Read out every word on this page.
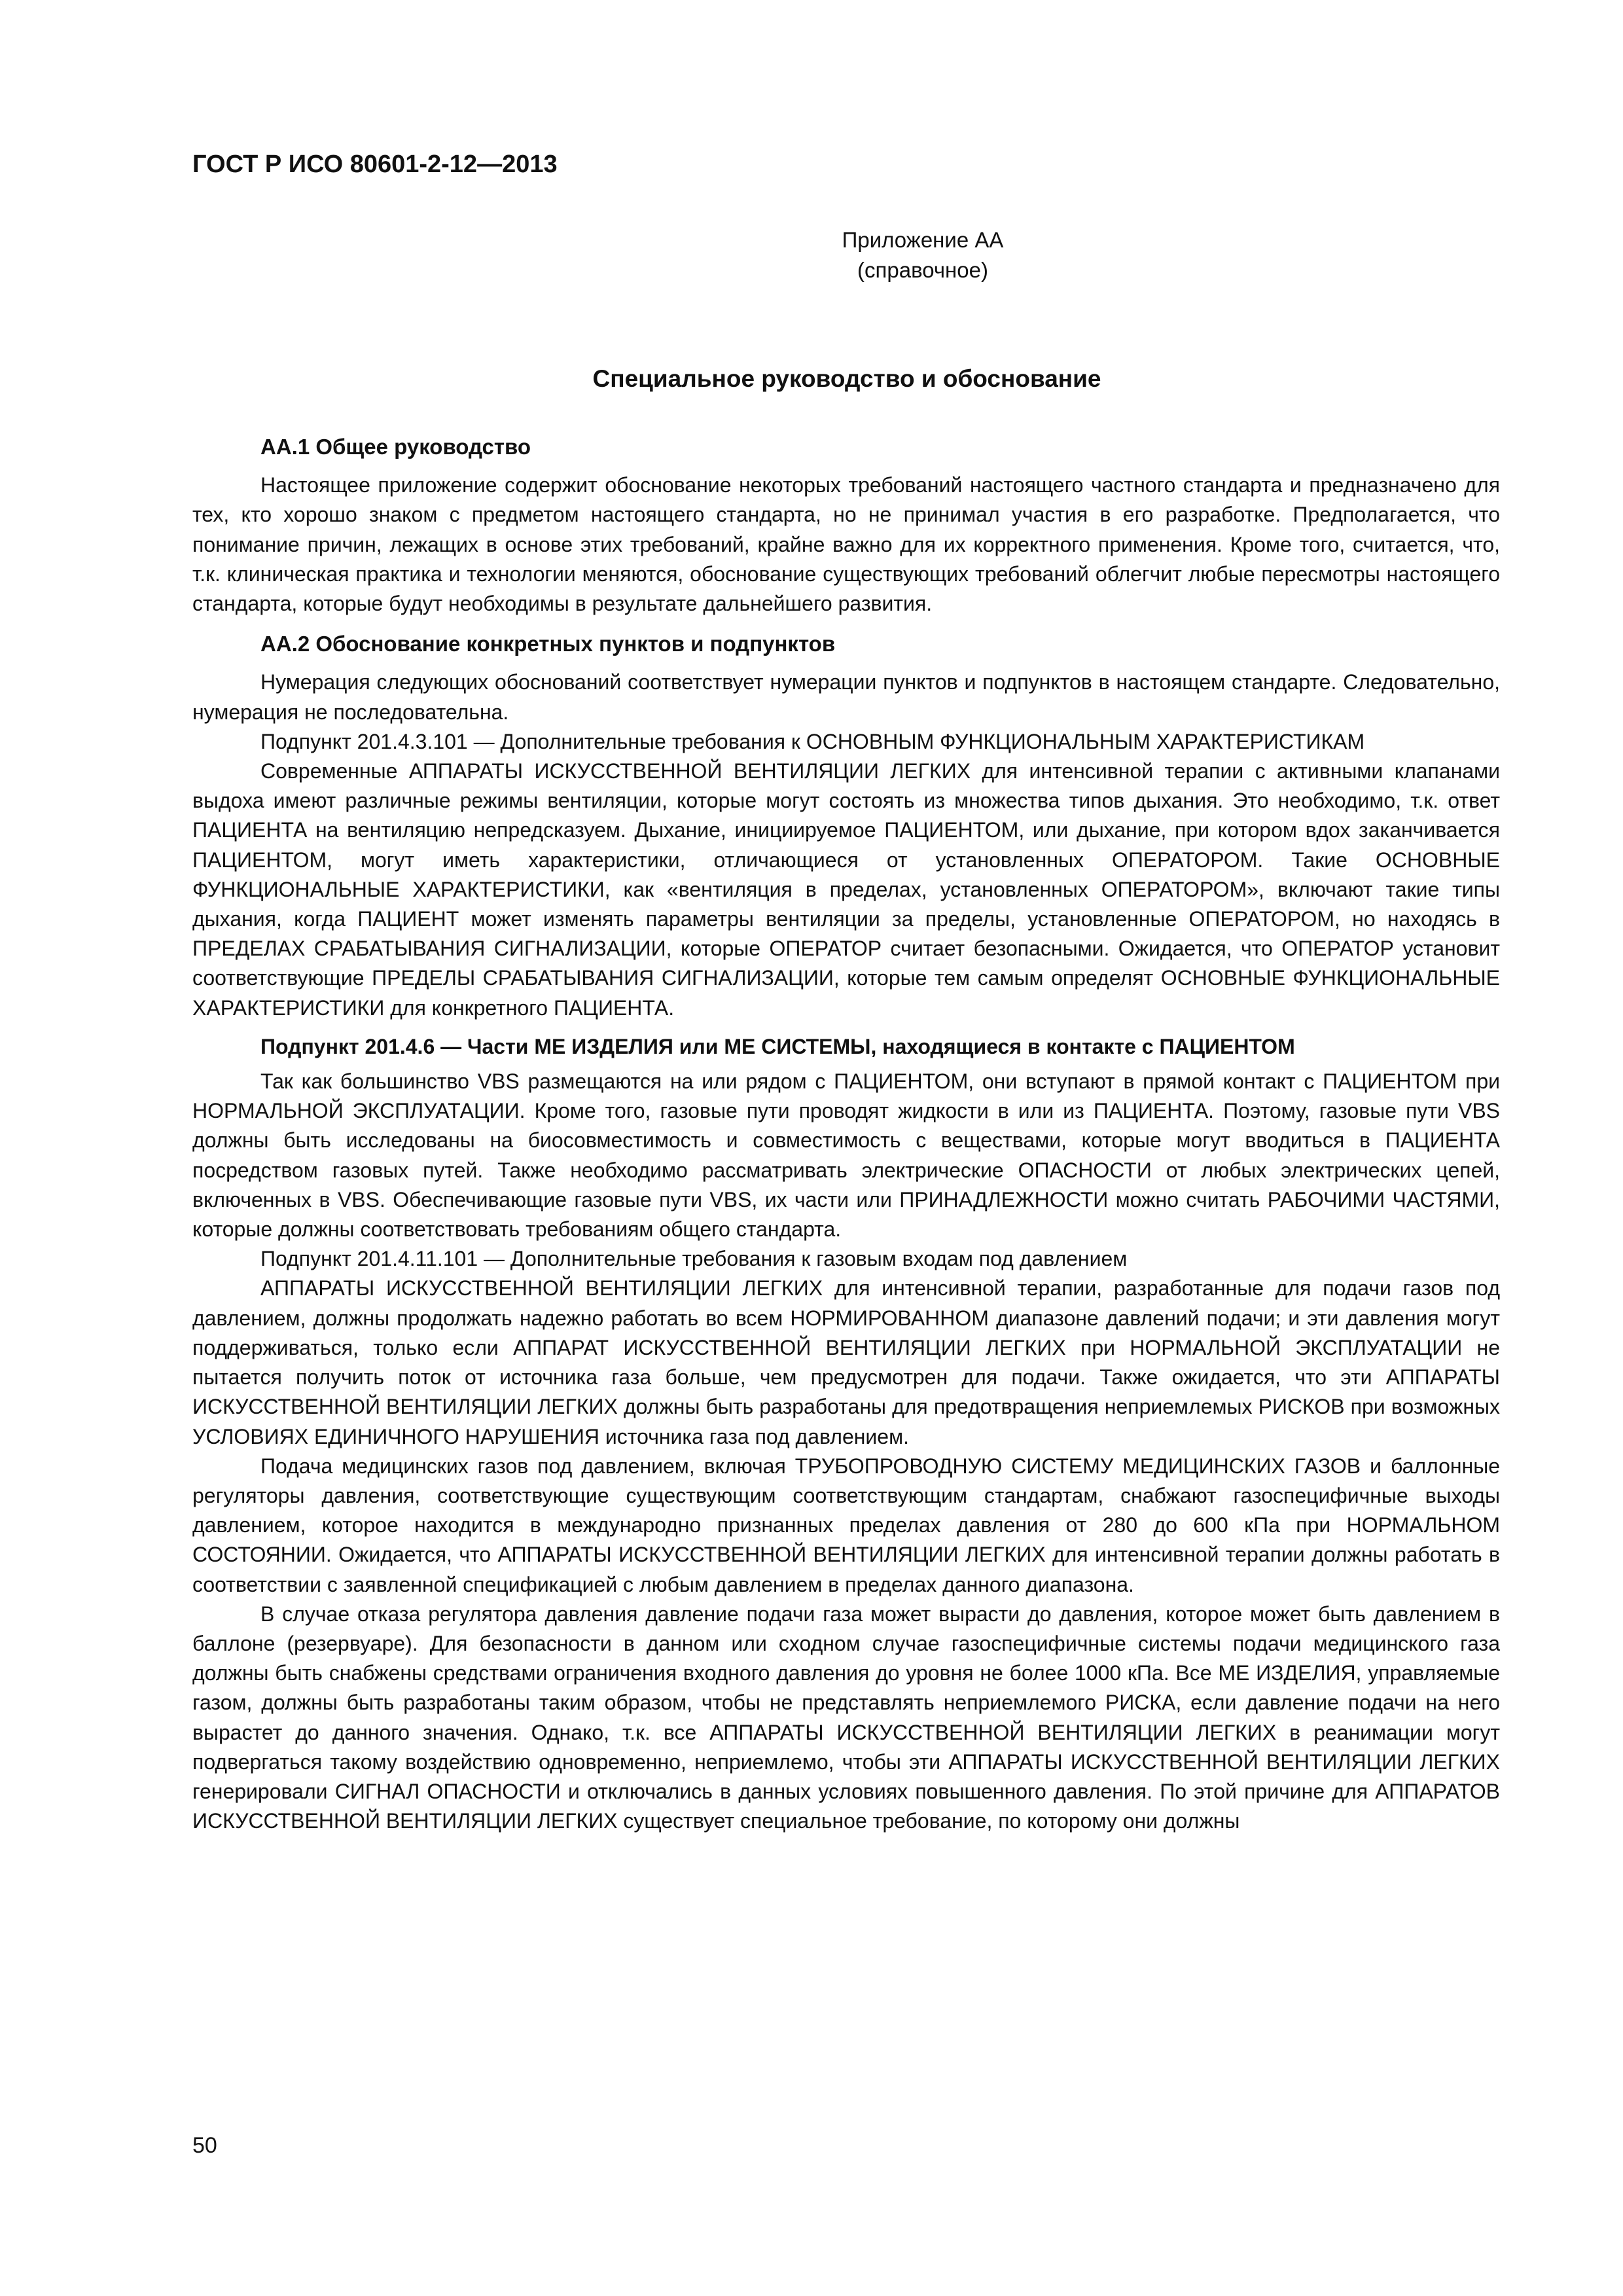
ГОСТ Р ИСО 80601-2-12—2013
Приложение АА
(справочное)
Специальное руководство и обоснование
АА.1 Общее руководство

Настоящее приложение содержит обоснование некоторых требований настоящего частного стандарта и предназначено для тех, кто хорошо знаком с предметом настоящего стандарта, но не принимал участия в его разработке. Предполагается, что понимание причин, лежащих в основе этих требований, крайне важно для их корректного применения. Кроме того, считается, что, т.к. клиническая практика и технологии меняются, обоснование существующих требований облегчит любые пересмотры настоящего стандарта, которые будут необходимы в результате дальнейшего развития.

АА.2 Обоснование конкретных пунктов и подпунктов

Нумерация следующих обоснований соответствует нумерации пунктов и подпунктов в настоящем стандарте. Следовательно, нумерация не последовательна.

Подпункт 201.4.3.101 — Дополнительные требования к ОСНОВНЫМ ФУНКЦИОНАЛЬНЫМ ХАРАКТЕРИСТИКАМ

Современные АППАРАТЫ ИСКУССТВЕННОЙ ВЕНТИЛЯЦИИ ЛЕГКИХ для интенсивной терапии с активными клапанами выдоха имеют различные режимы вентиляции, которые могут состоять из множества типов дыхания. Это необходимо, т.к. ответ ПАЦИЕНТА на вентиляцию непредсказуем. Дыхание, инициируемое ПАЦИЕНТОМ, или дыхание, при котором вдох заканчивается ПАЦИЕНТОМ, могут иметь характеристики, отличающиеся от установленных ОПЕРАТОРОМ. Такие ОСНОВНЫЕ ФУНКЦИОНАЛЬНЫЕ ХАРАКТЕРИСТИКИ, как «вентиляция в пределах, установленных ОПЕРАТОРОМ», включают такие типы дыхания, когда ПАЦИЕНТ может изменять параметры вентиляции за пределы, установленные ОПЕРАТОРОМ, но находясь в ПРЕДЕЛАХ СРАБАТЫВАНИЯ СИГНАЛИЗАЦИИ, которые ОПЕРАТОР считает безопасными. Ожидается, что ОПЕРАТОР установит соответствующие ПРЕДЕЛЫ СРАБАТЫВАНИЯ СИГНАЛИЗАЦИИ, которые тем самым определят ОСНОВНЫЕ ФУНКЦИОНАЛЬНЫЕ ХАРАКТЕРИСТИКИ для конкретного ПАЦИЕНТА.

Подпункт 201.4.6 — Части МЕ ИЗДЕЛИЯ или МЕ СИСТЕМЫ, находящиеся в контакте с ПАЦИЕНТОМ

Так как большинство VBS размещаются на или рядом с ПАЦИЕНТОМ, они вступают в прямой контакт с ПАЦИЕНТОМ при НОРМАЛЬНОЙ ЭКСПЛУАТАЦИИ. Кроме того, газовые пути проводят жидкости в или из ПАЦИЕНТА. Поэтому, газовые пути VBS должны быть исследованы на биосовместимость и совместимость с веществами, которые могут вводиться в ПАЦИЕНТА посредством газовых путей. Также необходимо рассматривать электрические ОПАСНОСТИ от любых электрических цепей, включенных в VBS. Обеспечивающие газовые пути VBS, их части или ПРИНАДЛЕЖНОСТИ можно считать РАБОЧИМИ ЧАСТЯМИ, которые должны соответствовать требованиям общего стандарта.

Подпункт 201.4.11.101 — Дополнительные требования к газовым входам под давлением

АППАРАТЫ ИСКУССТВЕННОЙ ВЕНТИЛЯЦИИ ЛЕГКИХ для интенсивной терапии, разработанные для подачи газов под давлением, должны продолжать надежно работать во всем НОРМИРОВАННОМ диапазоне давлений подачи; и эти давления могут поддерживаться, только если АППАРАТ ИСКУССТВЕННОЙ ВЕНТИЛЯЦИИ ЛЕГКИХ при НОРМАЛЬНОЙ ЭКСПЛУАТАЦИИ не пытается получить поток от источника газа больше, чем предусмотрен для подачи. Также ожидается, что эти АППАРАТЫ ИСКУССТВЕННОЙ ВЕНТИЛЯЦИИ ЛЕГКИХ должны быть разработаны для предотвращения неприемлемых РИСКОВ при возможных УСЛОВИЯХ ЕДИНИЧНОГО НАРУШЕНИЯ источника газа под давлением.

Подача медицинских газов под давлением, включая ТРУБОПРОВОДНУЮ СИСТЕМУ МЕДИЦИНСКИХ ГАЗОВ и баллонные регуляторы давления, соответствующие существующим соответствующим стандартам, снабжают газоспецифичные выходы давлением, которое находится в международно признанных пределах давления от 280 до 600 кПа при НОРМАЛЬНОМ СОСТОЯНИИ. Ожидается, что АППАРАТЫ ИСКУССТВЕННОЙ ВЕНТИЛЯЦИИ ЛЕГКИХ для интенсивной терапии должны работать в соответствии с заявленной спецификацией с любым давлением в пределах данного диапазона.

В случае отказа регулятора давления давление подачи газа может вырасти до давления, которое может быть давлением в баллоне (резервуаре). Для безопасности в данном или сходном случае газоспецифичные системы подачи медицинского газа должны быть снабжены средствами ограничения входного давления до уровня не более 1000 кПа. Все МЕ ИЗДЕЛИЯ, управляемые газом, должны быть разработаны таким образом, чтобы не представлять неприемлемого РИСКА, если давление подачи на него вырастет до данного значения. Однако, т.к. все АППАРАТЫ ИСКУССТВЕННОЙ ВЕНТИЛЯЦИИ ЛЕГКИХ в реанимации могут подвергаться такому воздействию одновременно, неприемлемо, чтобы эти АППАРАТЫ ИСКУССТВЕННОЙ ВЕНТИЛЯЦИИ ЛЕГКИХ генерировали СИГНАЛ ОПАСНОСТИ и отключались в данных условиях повышенного давления. По этой причине для АППАРАТОВ ИСКУССТВЕННОЙ ВЕНТИЛЯЦИИ ЛЕГКИХ существует специальное требование, по которому они должны

50
